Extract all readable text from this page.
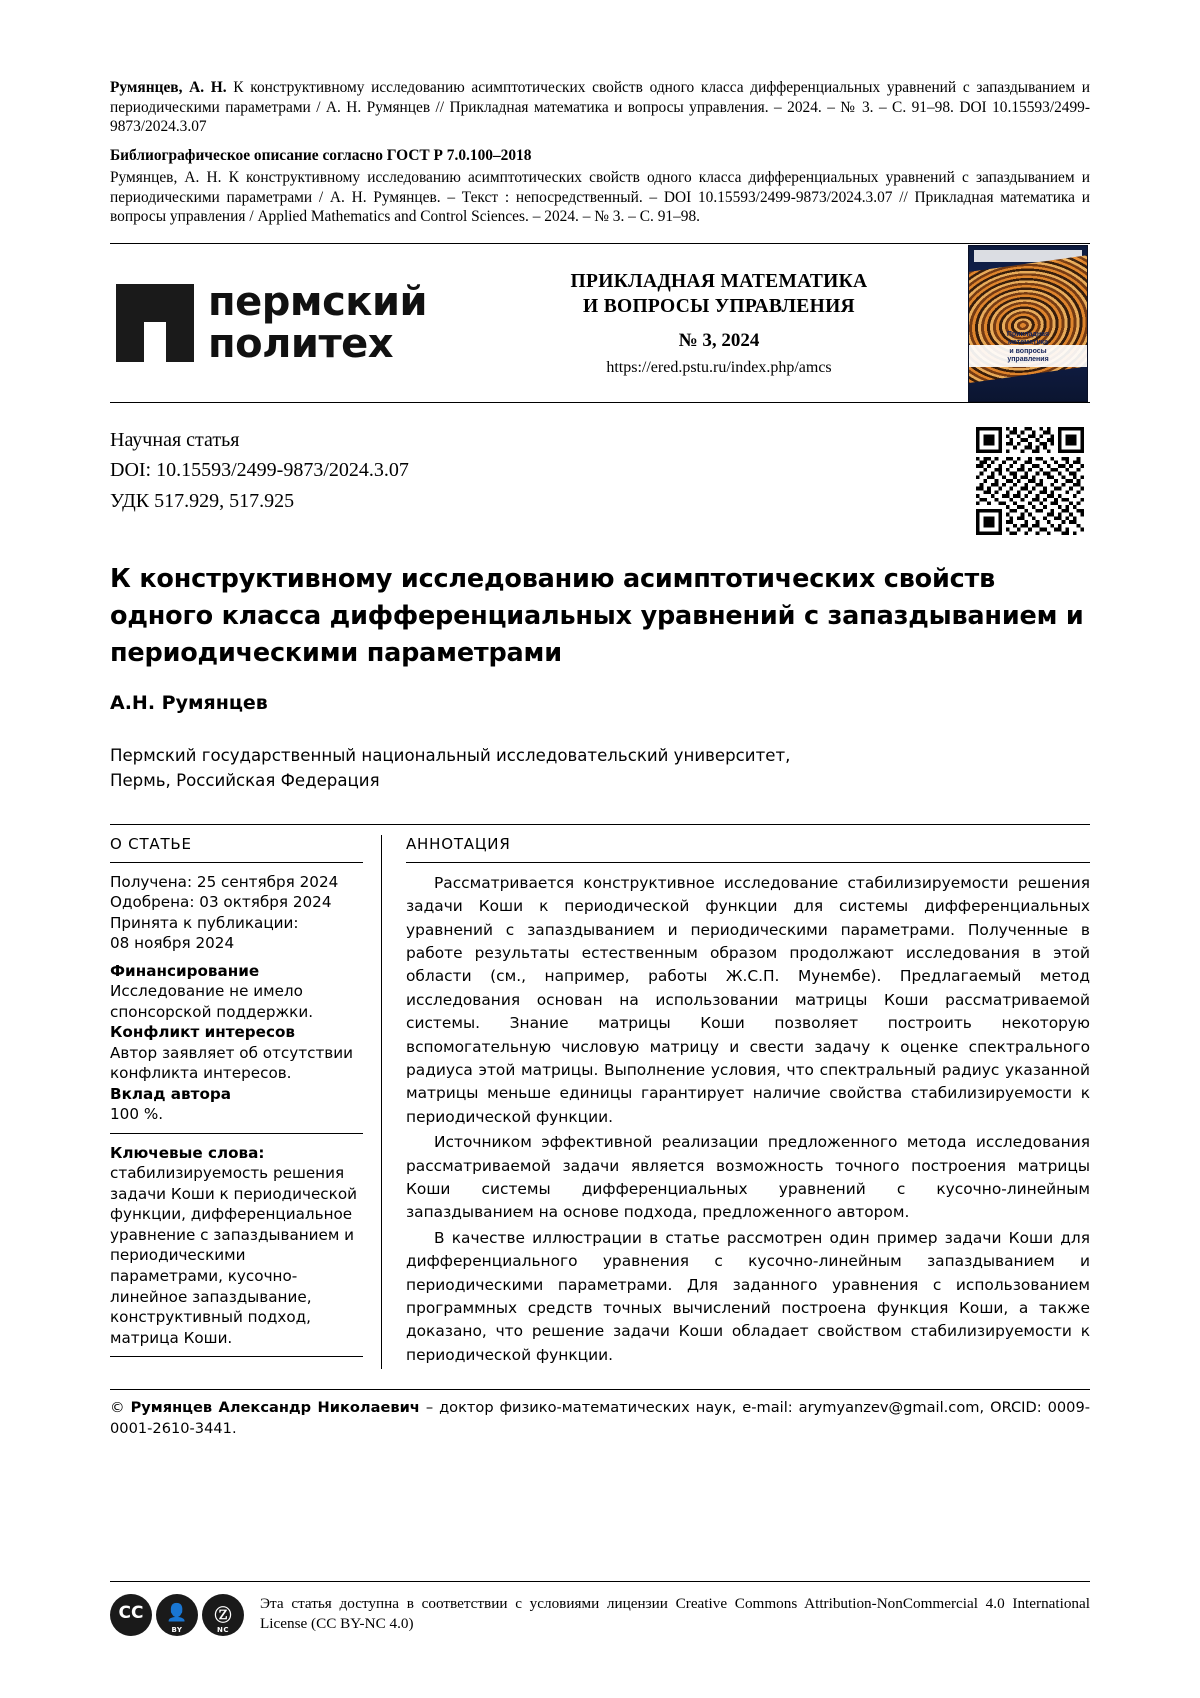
Румянцев, А. Н. К конструктивному исследованию асимптотических свойств одного класса дифференциальных уравнений с запаздыванием и периодическими параметрами / А. Н. Румянцев // Прикладная математика и вопросы управления. – 2024. – № 3. – С. 91–98. DOI 10.15593/2499-9873/2024.3.07

Библиографическое описание согласно ГОСТ Р 7.0.100–2018

Румянцев, А. Н. К конструктивному исследованию асимптотических свойств одного класса дифференциальных уравнений с запаздыванием и периодическими параметрами / А. Н. Румянцев. – Текст : непосредственный. – DOI 10.15593/2499-9873/2024.3.07 // Прикладная математика и вопросы управления / Applied Mathematics and Control Sciences. – 2024. – № 3. – С. 91–98.

пермский
политех
ПРИКЛАДНАЯ МАТЕМАТИКА
И ВОПРОСЫ УПРАВЛЕНИЯ
№ 3, 2024
https://ered.pstu.ru/index.php/amcs
Прикладная
математика
и вопросы
управления
Научная статья
DOI: 10.15593/2499-9873/2024.3.07
УДК 517.929, 517.925
К конструктивному исследованию асимптотических свойств одного класса дифференциальных уравнений с запаздыванием и периодическими параметрами
А.Н. Румянцев
Пермский государственный национальный исследовательский университет,
Пермь, Российская Федерация
О СТАТЬЕ
Получена: 25 сентября 2024
Одобрена: 03 октября 2024
Принята к публикации:
08 ноября 2024
Финансирование
Исследование не имело спонсорской поддержки.
Конфликт интересов
Автор заявляет об отсутствии конфликта интересов.
Вклад автора
100 %.
Ключевые слова:
стабилизируемость решения задачи Коши к периодической функции, дифференциальное уравнение с запаздыванием и периодическими параметрами, кусочно-линейное запаздывание, конструктивный подход, матрица Коши.
АННОТАЦИЯ

Рассматривается конструктивное исследование стабилизируемости решения задачи Коши к периодической функции для системы дифференциальных уравнений с запаздыванием и периодическими параметрами. Полученные в работе результаты естественным образом продолжают исследования в этой области (см., например, работы Ж.С.П. Мунембе). Предлагаемый метод исследования основан на использовании матрицы Коши рассматриваемой системы. Знание матрицы Коши позволяет построить некоторую вспомогательную числовую матрицу и свести задачу к оценке спектрального радиуса этой матрицы. Выполнение условия, что спектральный радиус указанной матрицы меньше единицы гарантирует наличие свойства стабилизируемости к периодической функции.

Источником эффективной реализации предложенного метода исследования рассматриваемой задачи является возможность точного построения матрицы Коши системы дифференциальных уравнений с кусочно-линейным запаздыванием на основе подхода, предложенного автором.

В качестве иллюстрации в статье рассмотрен один пример задачи Коши для дифференциального уравнения с кусочно-линейным запаздыванием и периодическими параметрами. Для заданного уравнения с использованием программных средств точных вычислений построена функция Коши, а также доказано, что решение задачи Коши обладает свойством стабилизируемости к периодической функции.

© Румянцев Александр Николаевич – доктор физико-математических наук, e-mail: arymyanzev@gmail.com, ORCID: 0009-0001-2610-3441.
CC 👤
BY
Ⓩ
NC
Эта статья доступна в соответствии с условиями лицензии Creative Commons Attribution-NonCommercial 4.0 International License (CC BY-NC 4.0)
